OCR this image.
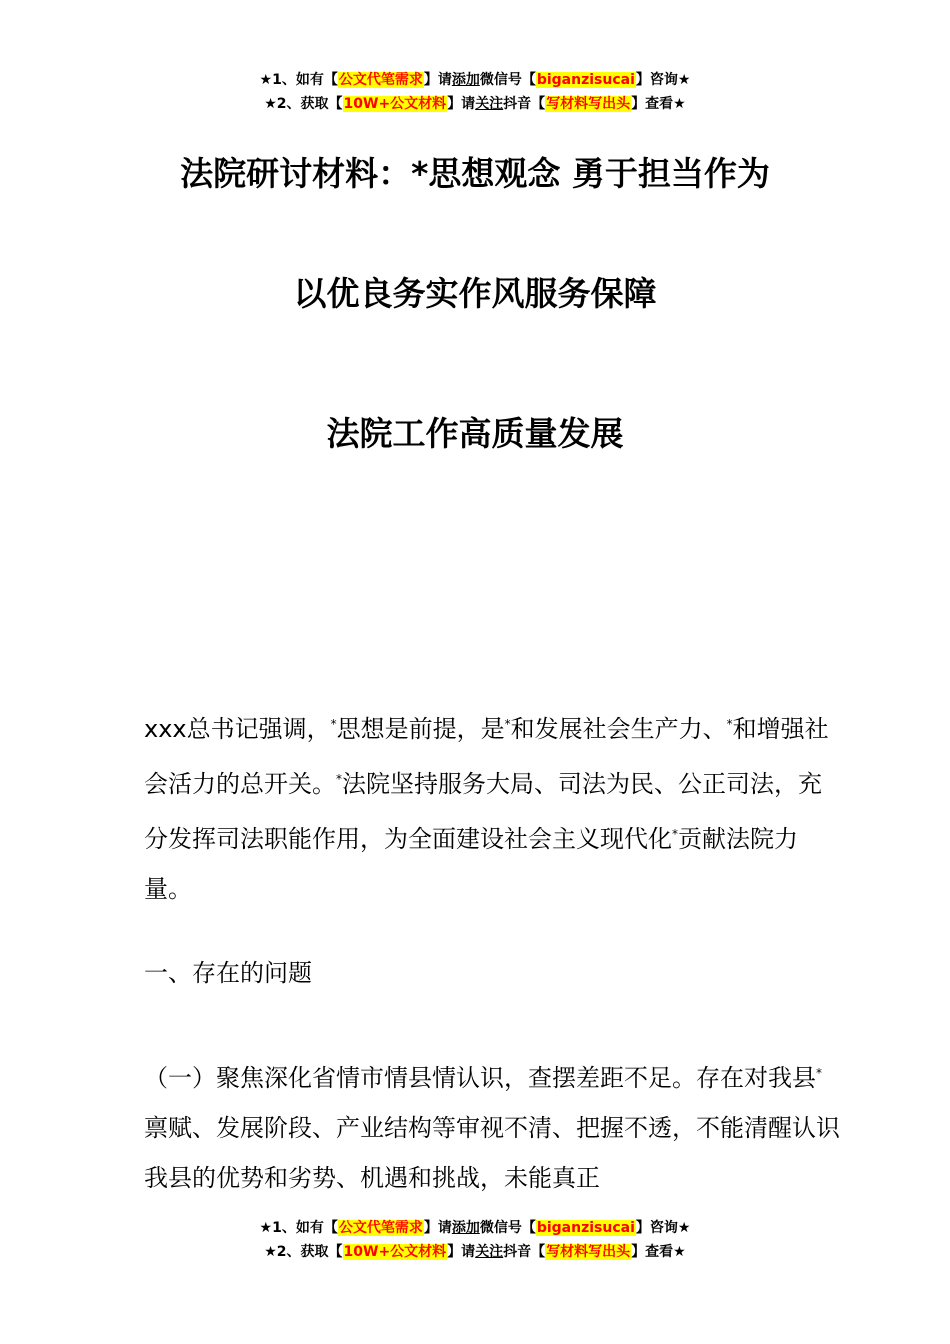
★1、如有【公文代笔需求】请添加微信号【biganzisucai】咨询★
★2、获取【10W+公文材料】请关注抖音【写材料写出头】查看★
法院研讨材料：*思想观念 勇于担当作为
以优良务实作风服务保障
法院工作高质量发展
xxx总书记强调，*思想是前提，是*和发展社会生产力、*和增强社会活力的总开关。*法院坚持服务大局、司法为民、公正司法，充分发挥司法职能作用，为全面建设社会主义现代化*贡献法院力量。
一、存在的问题
（一）聚焦深化省情市情县情认识，查摆差距不足。存在对我县*禀赋、发展阶段、产业结构等审视不清、把握不透，不能清醒认识我县的优势和劣势、机遇和挑战，未能真正
★1、如有【公文代笔需求】请添加微信号【biganzisucai】咨询★
★2、获取【10W+公文材料】请关注抖音【写材料写出头】查看★
